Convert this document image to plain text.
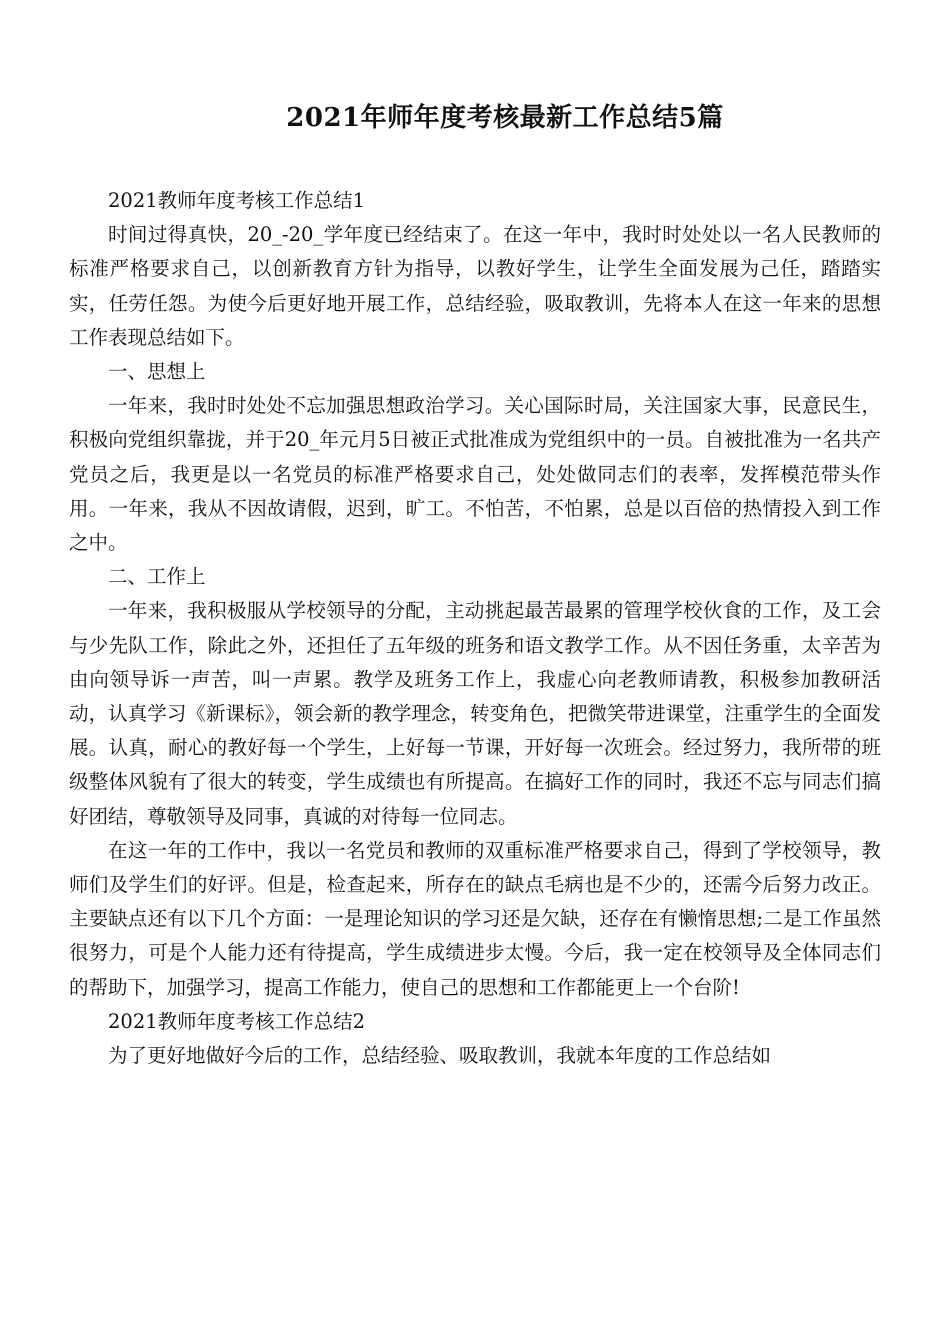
2021年师年度考核最新工作总结5篇

2021教师年度考核工作总结1

时间过得真快，20_-20_学年度已经结束了。在这一年中，我时时处处以一名人民教师的标准严格要求自己，以创新教育方针为指导，以教好学生，让学生全面发展为己任，踏踏实实，任劳任怨。为使今后更好地开展工作，总结经验，吸取教训，先将本人在这一年来的思想工作表现总结如下。

一、思想上

一年来，我时时处处不忘加强思想政治学习。关心国际时局，关注国家大事，民意民生，积极向党组织靠拢，并于20_年元月5日被正式批准成为党组织中的一员。自被批准为一名共产党员之后，我更是以一名党员的标准严格要求自己，处处做同志们的表率，发挥模范带头作用。一年来，我从不因故请假，迟到，旷工。不怕苦，不怕累，总是以百倍的热情投入到工作之中。

二、工作上

一年来，我积极服从学校领导的分配，主动挑起最苦最累的管理学校伙食的工作，及工会与少先队工作，除此之外，还担任了五年级的班务和语文教学工作。从不因任务重，太辛苦为由向领导诉一声苦，叫一声累。教学及班务工作上，我虚心向老教师请教，积极参加教研活动，认真学习《新课标》，领会新的教学理念，转变角色，把微笑带进课堂，注重学生的全面发展。认真，耐心的教好每一个学生，上好每一节课，开好每一次班会。经过努力，我所带的班级整体风貌有了很大的转变，学生成绩也有所提高。在搞好工作的同时，我还不忘与同志们搞好团结，尊敬领导及同事，真诚的对待每一位同志。

在这一年的工作中，我以一名党员和教师的双重标准严格要求自己，得到了学校领导，教师们及学生们的好评。但是，检查起来，所存在的缺点毛病也是不少的，还需今后努力改正。主要缺点还有以下几个方面：一是理论知识的学习还是欠缺，还存在有懒惰思想;二是工作虽然很努力，可是个人能力还有待提高，学生成绩进步太慢。今后，我一定在校领导及全体同志们的帮助下，加强学习，提高工作能力，使自己的思想和工作都能更上一个台阶!

2021教师年度考核工作总结2

为了更好地做好今后的工作，总结经验、吸取教训，我就本年度的工作总结如
